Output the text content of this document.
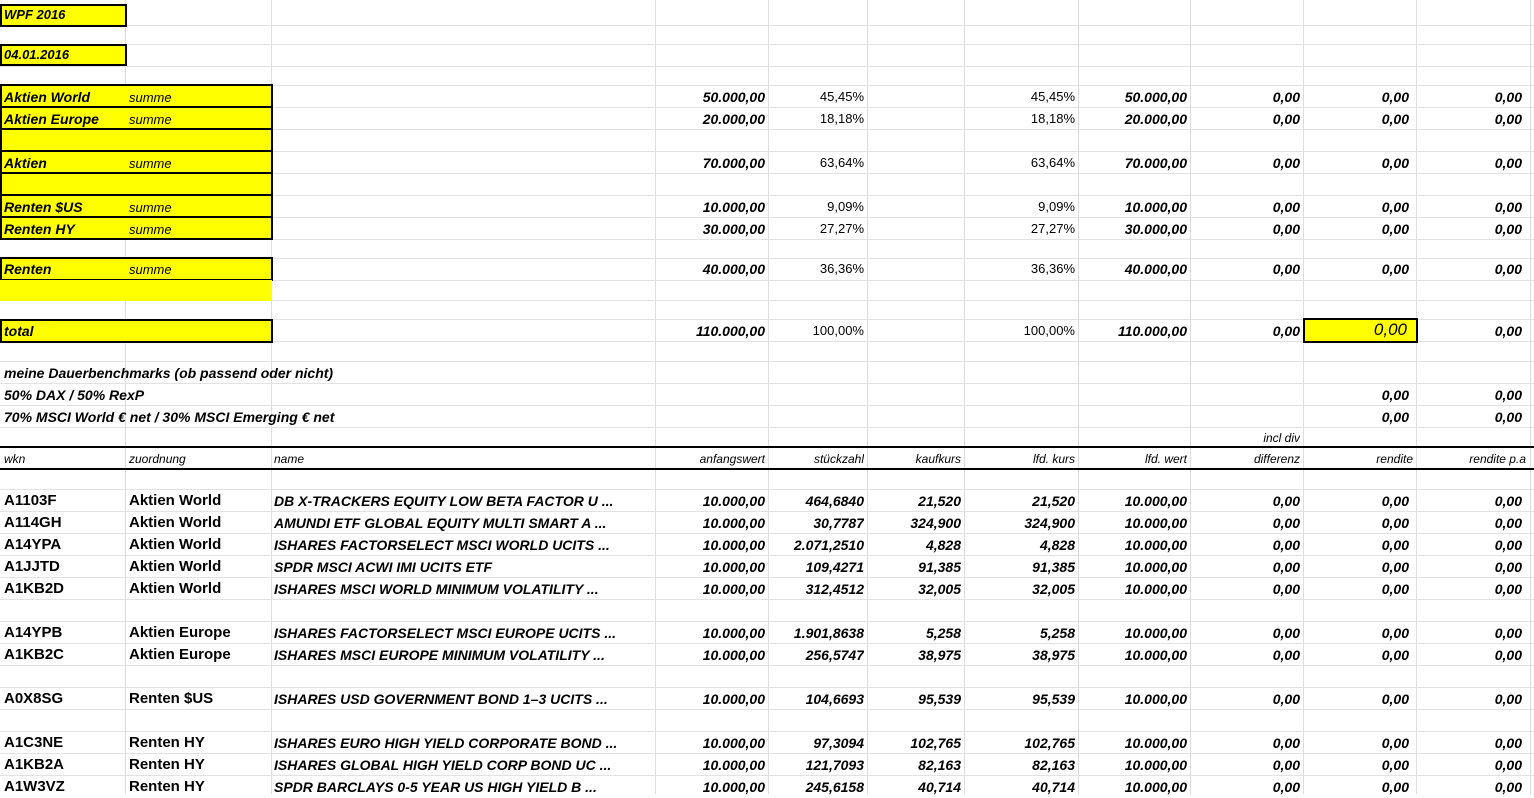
WPF 2016
04.01.2016
Aktien World	summe	50.000,00	45,45%	45,45%	50.000,00	0,00	0,00	0,00
Aktien Europe	summe	20.000,00	18,18%	18,18%	20.000,00	0,00	0,00	0,00
Aktien	summe	70.000,00	63,64%	63,64%	70.000,00	0,00	0,00	0,00
Renten $US	summe	10.000,00	9,09%	9,09%	10.000,00	0,00	0,00	0,00
Renten HY	summe	30.000,00	27,27%	27,27%	30.000,00	0,00	0,00	0,00
Renten	summe	40.000,00	36,36%	36,36%	40.000,00	0,00	0,00	0,00
total	110.000,00	100,00%	100,00%	110.000,00	0,00	0,00	0,00
meine Dauerbenchmarks (ob passend oder nicht)
50% DAX / 50% RexP	0,00	0,00
70% MSCI World € net / 30% MSCI Emerging € net	0,00	0,00
incl div
wkn	zuordnung	name	anfangswert	stückzahl	kaufkurs	lfd. kurs	lfd. wert	differenz	rendite	rendite p.a
A1103F	Aktien World	DB X-TRACKERS EQUITY LOW BETA FACTOR U ...	10.000,00	464,6840	21,520	21,520	10.000,00	0,00	0,00	0,00
A114GH	Aktien World	AMUNDI ETF GLOBAL EQUITY MULTI SMART A ...	10.000,00	30,7787	324,900	324,900	10.000,00	0,00	0,00	0,00
A14YPA	Aktien World	ISHARES FACTORSELECT MSCI WORLD UCITS ...	10.000,00	2.071,2510	4,828	4,828	10.000,00	0,00	0,00	0,00
A1JJTD	Aktien World	SPDR MSCI ACWI IMI UCITS ETF	10.000,00	109,4271	91,385	91,385	10.000,00	0,00	0,00	0,00
A1KB2D	Aktien World	ISHARES MSCI WORLD MINIMUM VOLATILITY ...	10.000,00	312,4512	32,005	32,005	10.000,00	0,00	0,00	0,00
A14YPB	Aktien Europe	ISHARES FACTORSELECT MSCI EUROPE UCITS ...	10.000,00	1.901,8638	5,258	5,258	10.000,00	0,00	0,00	0,00
A1KB2C	Aktien Europe	ISHARES MSCI EUROPE MINIMUM VOLATILITY ...	10.000,00	256,5747	38,975	38,975	10.000,00	0,00	0,00	0,00
A0X8SG	Renten $US	ISHARES USD GOVERNMENT BOND 1–3 UCITS ...	10.000,00	104,6693	95,539	95,539	10.000,00	0,00	0,00	0,00
A1C3NE	Renten HY	ISHARES EURO HIGH YIELD CORPORATE BOND ...	10.000,00	97,3094	102,765	102,765	10.000,00	0,00	0,00	0,00
A1KB2A	Renten HY	ISHARES GLOBAL HIGH YIELD CORP BOND UC ...	10.000,00	121,7093	82,163	82,163	10.000,00	0,00	0,00	0,00
A1W3VZ	Renten HY	SPDR BARCLAYS 0-5 YEAR US HIGH YIELD B ...	10.000,00	245,6158	40,714	40,714	10.000,00	0,00	0,00	0,00
